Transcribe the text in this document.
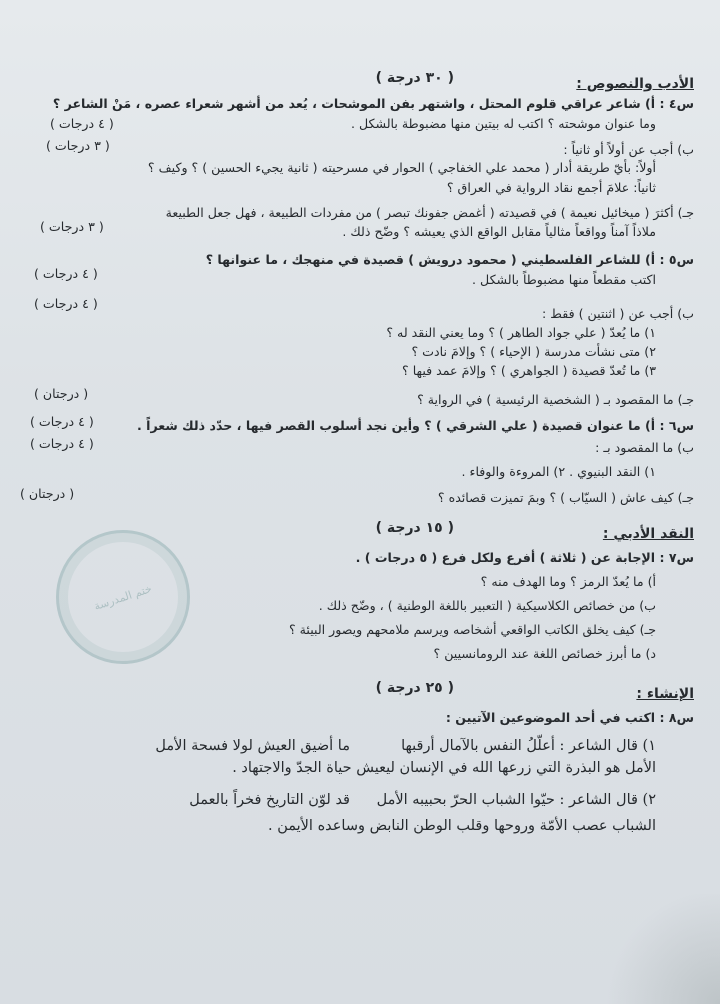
الأدب والنصوص :
( ٣٠ درجة )
س٤ : أ) شاعر عراقي قلوم المحتل ، واشتهر بفن الموشحات ، يُعد من أشهر شعراء عصره ، مَنْ الشاعر ؟
وما عنوان موشحته ؟ اكتب له بيتين منها مضبوطة بالشكل .
( ٤ درجات )
ب) أجب عن أولاً أو ثانياً :
( ٣ درجات )
أولاً: بأيّ طريقة أدار ( محمد علي الخفاجي ) الحوار في مسرحيته ( ثانية يجيء الحسين ) ؟ وكيف ؟
ثانياً: علامَ أجمع نقاد الرواية في العراق ؟
جـ) أكثرَ ( ميخائيل نعيمة ) في قصيدته ( أغمض جفونك تبصر ) من مفردات الطبيعة ، فهل جعل الطبيعة
ملاذاً آمناً وواقعاً مثالياً مقابل الواقع الذي يعيشه ؟ وضّح ذلك .
( ٣ درجات )
س٥ : أ) للشاعر الفلسطيني ( محمود درويش ) قصيدة في منهجك ، ما عنوانها ؟
اكتب مقطعاً منها مضبوطاً بالشكل .
( ٤ درجات )
( ٤ درجات )
ب) أجب عن ( اثنتين ) فقط :
١) ما يُعدّ ( علي جواد الطاهر ) ؟ وما يعني النقد له ؟
٢) متى نشأت مدرسة ( الإحياء ) ؟ وإلامَ نادت ؟
٣) ما تُعدّ قصيدة ( الجواهري ) ؟ وإلامَ عمد فيها ؟
جـ) ما المقصود بـ ( الشخصية الرئيسية ) في الرواية ؟
( درجتان )
س٦ : أ) ما عنوان قصيدة ( علي الشرقي ) ؟ وأين نجد أسلوب القصر فيها ، حدّد ذلك شعراً .
( ٤ درجات )
ب) ما المقصود بـ :
( ٤ درجات )
١) النقد البنيوي . ٢) المروءة والوفاء .
جـ) كيف عاش ( السيّاب ) ؟ وبمَ تميزت قصائده ؟
( درجتان )
النقد الأدبي :
( ١٥ درجة )
س٧ : الإجابة عن ( ثلاثة ) أفرع ولكل فرع ( ٥ درجات ) .
أ) ما يُعدّ الرمز ؟ وما الهدف منه ؟
ب) من خصائص الكلاسيكية ( التعبير باللغة الوطنية ) ، وضّح ذلك .
جـ) كيف يخلق الكاتب الواقعي أشخاصه ويرسم ملامحهم ويصور البيئة ؟
د) ما أبرز خصائص اللغة عند الرومانسيين ؟
الإنشاء :
( ٢٥ درجة )
س٨ : اكتب في أحد الموضوعين الآتيين :
١) قال الشاعر : أعلّلُ النفس بالآمال أرقبها
ما أضيق العيش لولا فسحة الأمل
الأمل هو البذرة التي زرعها الله في الإنسان ليعيش حياة الجدّ والاجتهاد .
٢) قال الشاعر : حيّوا الشباب الحرّ بحبيبه الأمل
قد لوّن التاريخ فخراً بالعمل
الشباب عصب الأمّة وروحها وقلب الوطن النابض وساعده الأيمن .
ختم المدرسة
